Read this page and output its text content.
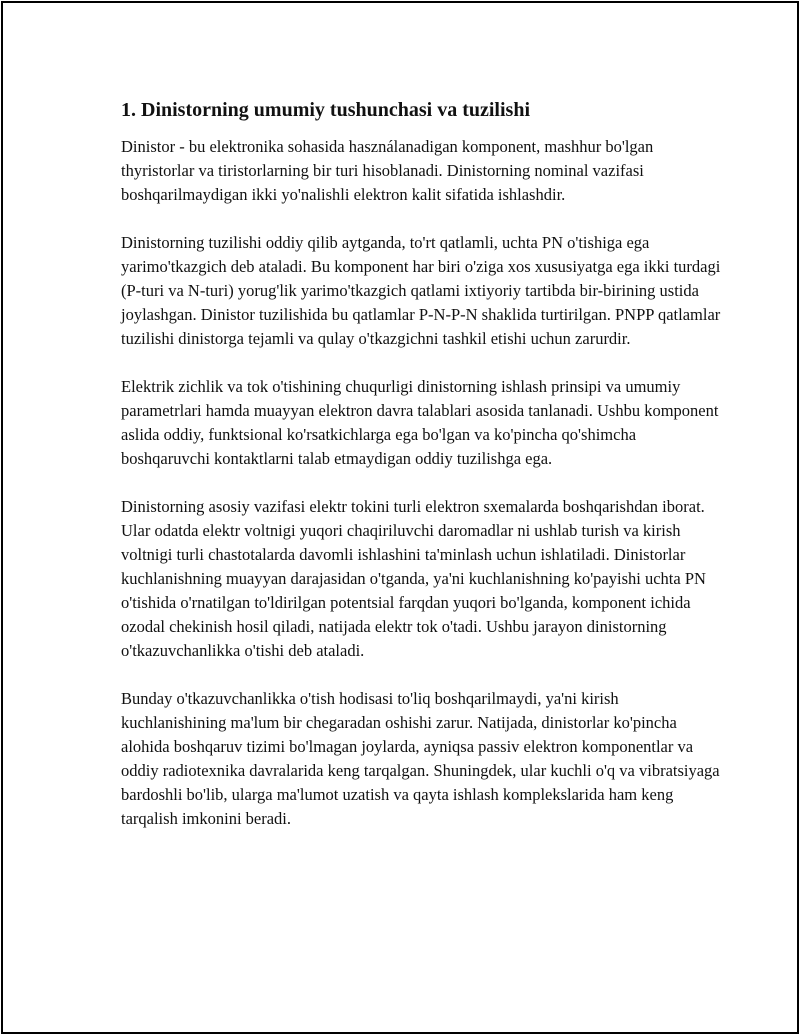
1. Dinistorning umumiy tushunchasi va tuzilishi

Dinistor - bu elektronika sohasida használanadigan komponent, mashhur bo'lgan thyristorlar va tiristorlarning bir turi hisoblanadi. Dinistorning nominal vazifasi boshqarilmaydigan ikki yo'nalishli elektron kalit sifatida ishlashdir.

Dinistorning tuzilishi oddiy qilib aytganda, to'rt qatlamli, uchta PN o'tishiga ega yarimo'tkazgich deb ataladi. Bu komponent har biri o'ziga xos xususiyatga ega ikki turdagi (P-turi va N-turi) yorug'lik yarimo'tkazgich qatlami ixtiyoriy tartibda bir-birining ustida joylashgan. Dinistor tuzilishida bu qatlamlar P-N-P-N shaklida turtirilgan. PNPP qatlamlar tuzilishi dinistorga tejamli va qulay o'tkazgichni tashkil etishi uchun zarurdir.

Elektrik zichlik va tok o'tishining chuqurligi dinistorning ishlash prinsipi va umumiy parametrlari hamda muayyan elektron davra talablari asosida tanlanadi. Ushbu komponent aslida oddiy, funktsional ko'rsatkichlarga ega bo'lgan va ko'pincha qo'shimcha boshqaruvchi kontaktlarni talab etmaydigan oddiy tuzilishga ega.

Dinistorning asosiy vazifasi elektr tokini turli elektron sxemalarda boshqarishdan iborat. Ular odatda elektr voltnigi yuqori chaqiriluvchi daromadlar ni ushlab turish va kirish voltnigi turli chastotalarda davomli ishlashini ta'minlash uchun ishlatiladi. Dinistorlar kuchlanishning muayyan darajasidan o'tganda, ya'ni kuchlanishning ko'payishi uchta PN o'tishida o'rnatilgan to'ldirilgan potentsial farqdan yuqori bo'lganda, komponent ichida ozodal chekinish hosil qiladi, natijada elektr tok o'tadi. Ushbu jarayon dinistorning o'tkazuvchanlikka o'tishi deb ataladi.

Bunday o'tkazuvchanlikka o'tish hodisasi to'liq boshqarilmaydi, ya'ni kirish kuchlanishining ma'lum bir chegaradan oshishi zarur. Natijada, dinistorlar ko'pincha alohida boshqaruv tizimi bo'lmagan joylarda, ayniqsa passiv elektron komponentlar va oddiy radiotexnika davralarida keng tarqalgan. Shuningdek, ular kuchli o'q va vibratsiyaga bardoshli bo'lib, ularga ma'lumot uzatish va qayta ishlash komplekslarida ham keng tarqalish imkonini beradi.
